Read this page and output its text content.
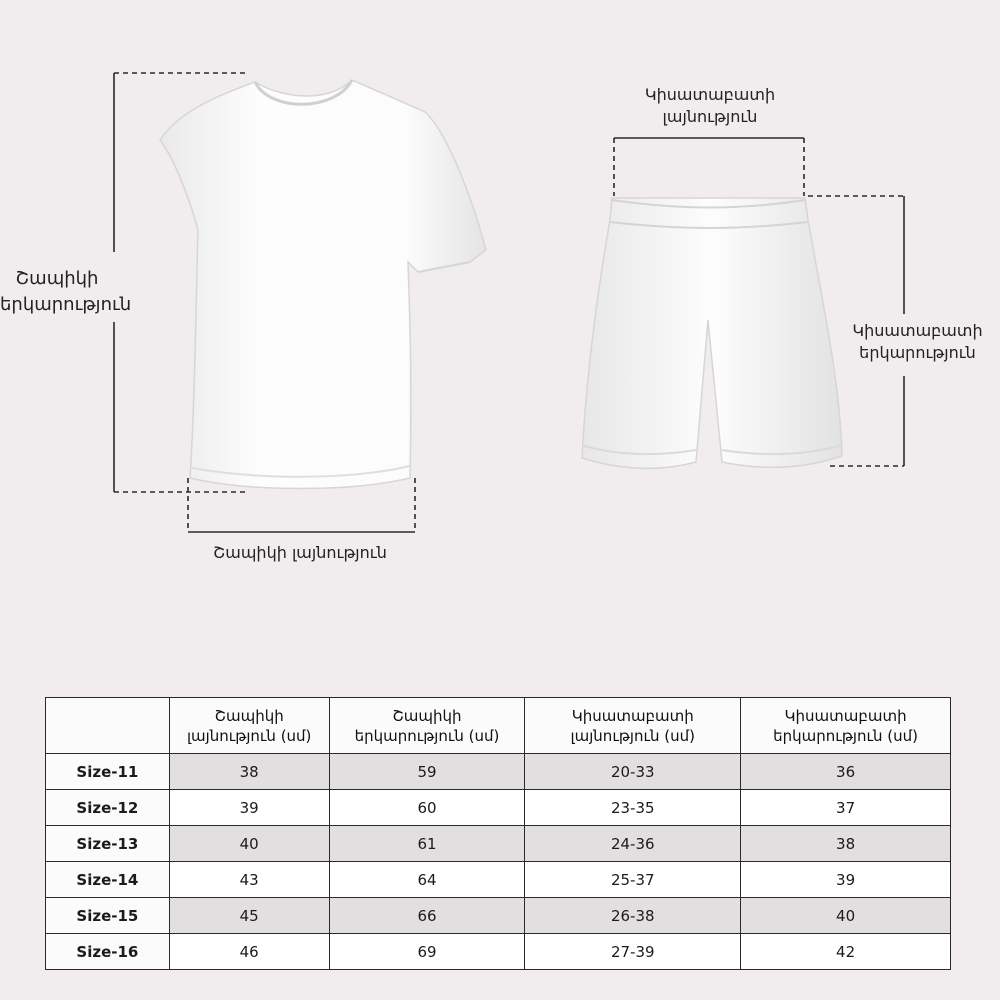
Շապիկի երկարություն
Շապիկի լայնություն
Կիսատաբատի լայնություն
Կիսատաբատի երկարություն
	Շապիկի լայնություն (սմ)	Շապիկի երկարություն (սմ)	Կիսատաբատի լայնություն (սմ)	Կիսատաբատի երկարություն (սմ)
Size-11	38	59	20-33	36
Size-12	39	60	23-35	37
Size-13	40	61	24-36	38
Size-14	43	64	25-37	39
Size-15	45	66	26-38	40
Size-16	46	69	27-39	42
